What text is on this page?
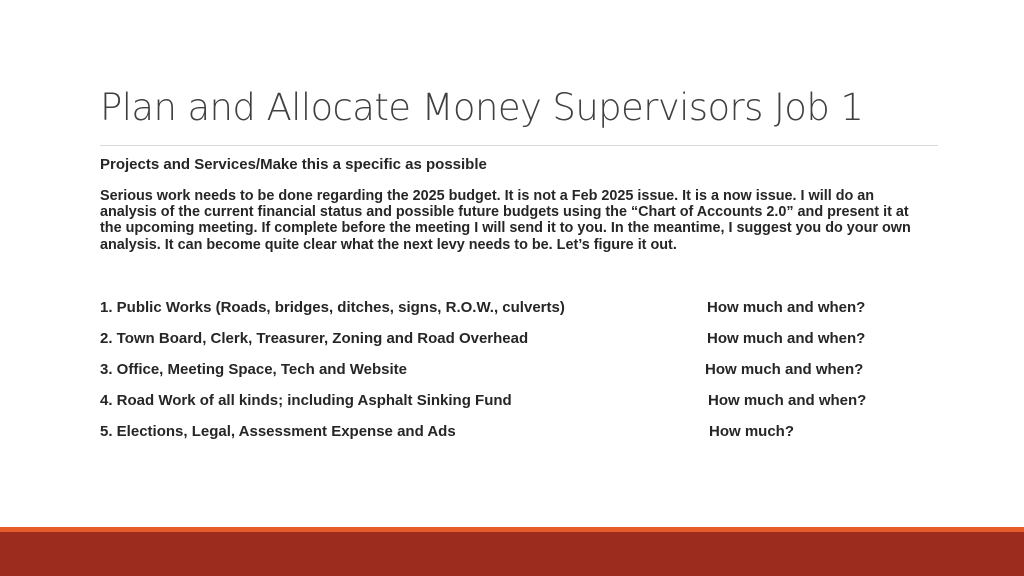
Plan and Allocate Money Supervisors Job 1
Projects and Services/Make this a specific as possible
Serious work needs to be done regarding the 2025 budget. It is not a Feb 2025 issue. It is a now issue. I will do an analysis of the current financial status and possible future budgets using the “Chart of Accounts 2.0” and present it at the upcoming meeting. If complete before the meeting I will send it to you. In the meantime, I suggest you do your own analysis. It can become quite clear what the next levy needs to be. Let’s figure it out.
1. Public Works (Roads, bridges, ditches, signs, R.O.W., culverts)	How much and when?
2. Town Board, Clerk, Treasurer, Zoning and Road Overhead	How much and when?
3. Office, Meeting Space, Tech and Website	How much and when?
4. Road Work of all kinds; including Asphalt Sinking Fund	How much and when?
5. Elections, Legal, Assessment Expense and Ads	How much?
